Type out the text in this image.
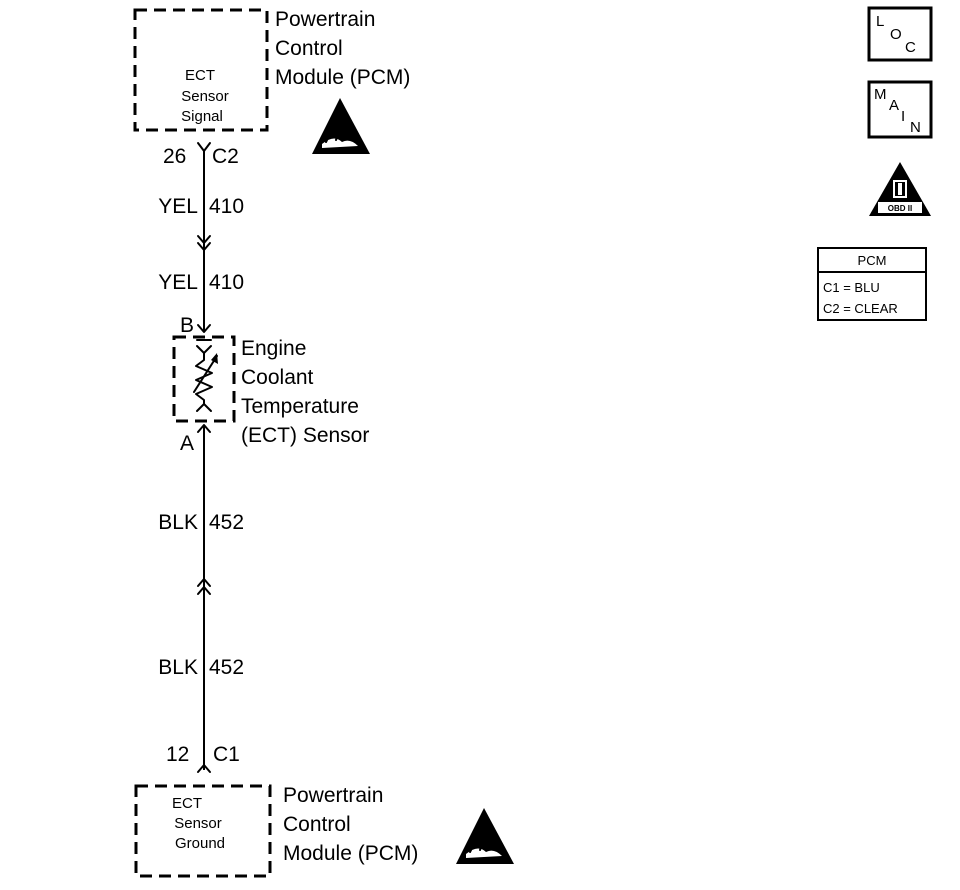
ECT
Sensor
Signal
Powertrain
Control
Module (PCM)
26 C2
YEL 410
YEL 410
B
Engine
Coolant
Temperature
(ECT) Sensor
A
BLK 452
BLK 452
12 C1
ECT
Sensor
Ground
Powertrain
Control
Module (PCM)
L
O
C
M
A
I
N
OBD II
PCM
C1 = BLU
C2 = CLEAR
